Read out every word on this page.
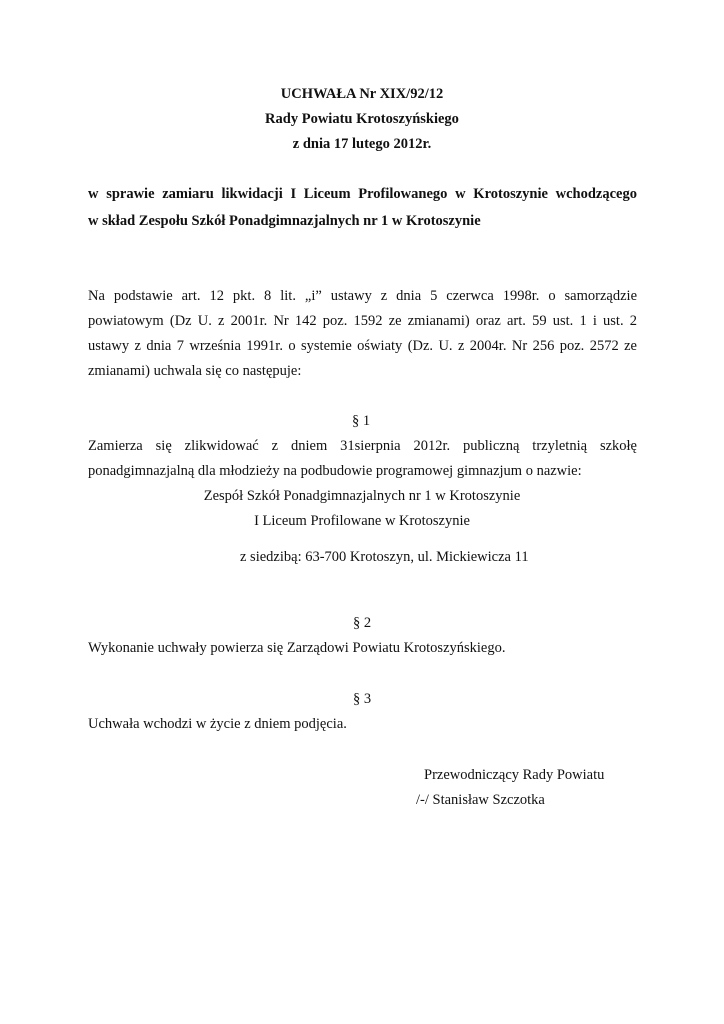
UCHWAŁA Nr XIX/92/12
Rady Powiatu Krotoszyńskiego
z dnia 17 lutego 2012r.
w sprawie zamiaru likwidacji I Liceum Profilowanego w Krotoszynie wchodzącego
w skład Zespołu Szkół Ponadgimnazjalnych nr 1 w Krotoszynie
Na podstawie art. 12 pkt. 8 lit. „i” ustawy z dnia 5 czerwca 1998r. o samorządzie
powiatowym (Dz U. z 2001r. Nr 142 poz. 1592 ze zmianami) oraz art. 59 ust. 1 i ust. 2
ustawy z dnia 7 września 1991r. o systemie oświaty (Dz. U. z 2004r. Nr 256 poz. 2572 ze
zmianami) uchwala się co następuje:
§ 1
Zamierza się zlikwidować z dniem 31sierpnia 2012r. publiczną trzyletnią szkołę
ponadgimnazjalną dla młodzieży na podbudowie programowej gimnazjum o nazwie:
Zespół Szkół Ponadgimnazjalnych nr 1 w Krotoszynie
I Liceum Profilowane w Krotoszynie
z siedzibą: 63-700 Krotoszyn, ul. Mickiewicza 11
§ 2
Wykonanie uchwały powierza się Zarządowi Powiatu Krotoszyńskiego.
§ 3
Uchwała wchodzi w życie z dniem podjęcia.
Przewodniczący Rady Powiatu
/-/ Stanisław Szczotka
